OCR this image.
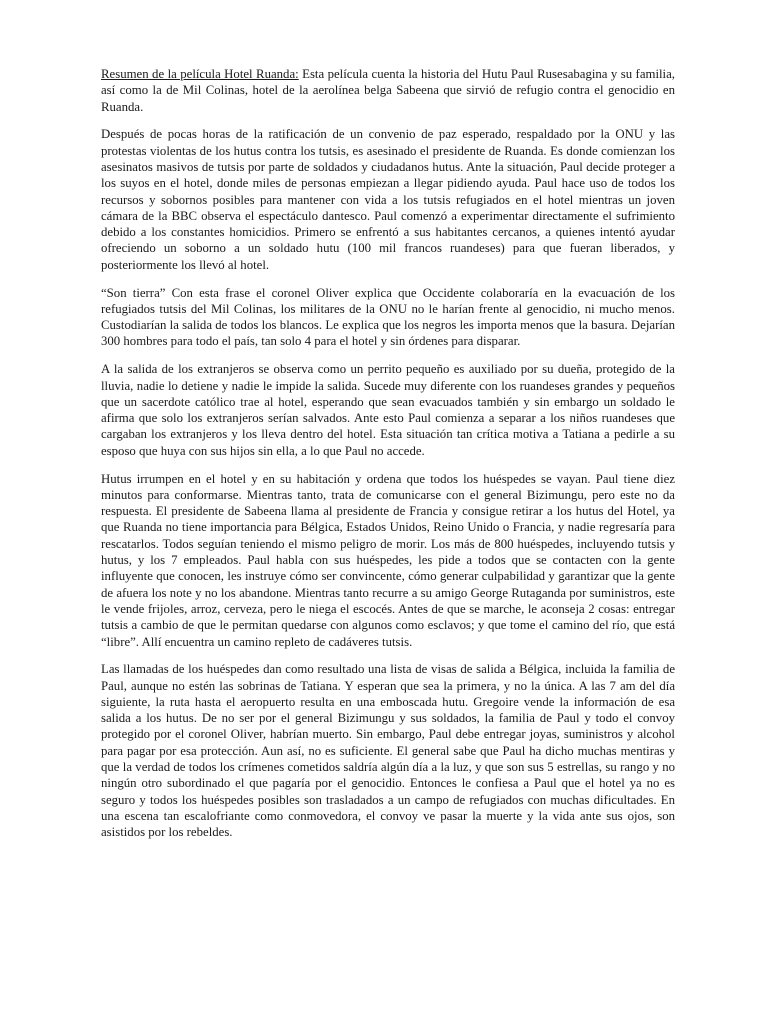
Resumen de la película Hotel Ruanda: Esta película cuenta la historia del Hutu Paul Rusesabagina y su familia, así como la de Mil Colinas, hotel de la aerolínea belga Sabeena que sirvió de refugio contra el genocidio en Ruanda.

Después de pocas horas de la ratificación de un convenio de paz esperado, respaldado por la ONU y las protestas violentas de los hutus contra los tutsis, es asesinado el presidente de Ruanda. Es donde comienzan los asesinatos masivos de tutsis por parte de soldados y ciudadanos hutus. Ante la situación, Paul decide proteger a los suyos en el hotel, donde miles de personas empiezan a llegar pidiendo ayuda. Paul hace uso de todos los recursos y sobornos posibles para mantener con vida a los tutsis refugiados en el hotel mientras un joven cámara de la BBC observa el espectáculo dantesco. Paul comenzó a experimentar directamente el sufrimiento debido a los constantes homicidios. Primero se enfrentó a sus habitantes cercanos, a quienes intentó ayudar ofreciendo un soborno a un soldado hutu (100 mil francos ruandeses) para que fueran liberados, y posteriormente los llevó al hotel.

“Son tierra” Con esta frase el coronel Oliver explica que Occidente colaboraría en la evacuación de los refugiados tutsis del Mil Colinas, los militares de la ONU no le harían frente al genocidio, ni mucho menos. Custodiarían la salida de todos los blancos. Le explica que los negros les importa menos que la basura. Dejarían 300 hombres para todo el país, tan solo 4 para el hotel y sin órdenes para disparar.

A la salida de los extranjeros se observa como un perrito pequeño es auxiliado por su dueña, protegido de la lluvia, nadie lo detiene y nadie le impide la salida. Sucede muy diferente con los ruandeses grandes y pequeños que un sacerdote católico trae al hotel, esperando que sean evacuados también y sin embargo un soldado le afirma que solo los extranjeros serían salvados. Ante esto Paul comienza a separar a los niños ruandeses que cargaban los extranjeros y los lleva dentro del hotel. Esta situación tan crítica motiva a Tatiana a pedirle a su esposo que huya con sus hijos sin ella, a lo que Paul no accede.

Hutus irrumpen en el hotel y en su habitación y ordena que todos los huéspedes se vayan. Paul tiene diez minutos para conformarse. Mientras tanto, trata de comunicarse con el general Bizimungu, pero este no da respuesta. El presidente de Sabeena llama al presidente de Francia y consigue retirar a los hutus del Hotel, ya que Ruanda no tiene importancia para Bélgica, Estados Unidos, Reino Unido o Francia, y nadie regresaría para rescatarlos. Todos seguían teniendo el mismo peligro de morir. Los más de 800 huéspedes, incluyendo tutsis y hutus, y los 7 empleados. Paul habla con sus huéspedes, les pide a todos que se contacten con la gente influyente que conocen, les instruye cómo ser convincente, cómo generar culpabilidad y garantizar que la gente de afuera los note y no los abandone. Mientras tanto recurre a su amigo George Rutaganda por suministros, este le vende frijoles, arroz, cerveza, pero le niega el escocés. Antes de que se marche, le aconseja 2 cosas: entregar tutsis a cambio de que le permitan quedarse con algunos como esclavos; y que tome el camino del río, que está “libre”. Allí encuentra un camino repleto de cadáveres tutsis.

Las llamadas de los huéspedes dan como resultado una lista de visas de salida a Bélgica, incluida la familia de Paul, aunque no estén las sobrinas de Tatiana. Y esperan que sea la primera, y no la única. A las 7 am del día siguiente, la ruta hasta el aeropuerto resulta en una emboscada hutu. Gregoire vende la información de esa salida a los hutus. De no ser por el general Bizimungu y sus soldados, la familia de Paul y todo el convoy protegido por el coronel Oliver, habrían muerto. Sin embargo, Paul debe entregar joyas, suministros y alcohol para pagar por esa protección. Aun así, no es suficiente. El general sabe que Paul ha dicho muchas mentiras y que la verdad de todos los crímenes cometidos saldría algún día a la luz, y que son sus 5 estrellas, su rango y no ningún otro subordinado el que pagaría por el genocidio. Entonces le confiesa a Paul que el hotel ya no es seguro y todos los huéspedes posibles son trasladados a un campo de refugiados con muchas dificultades. En una escena tan escalofriante como conmovedora, el convoy ve pasar la muerte y la vida ante sus ojos, son asistidos por los rebeldes.
